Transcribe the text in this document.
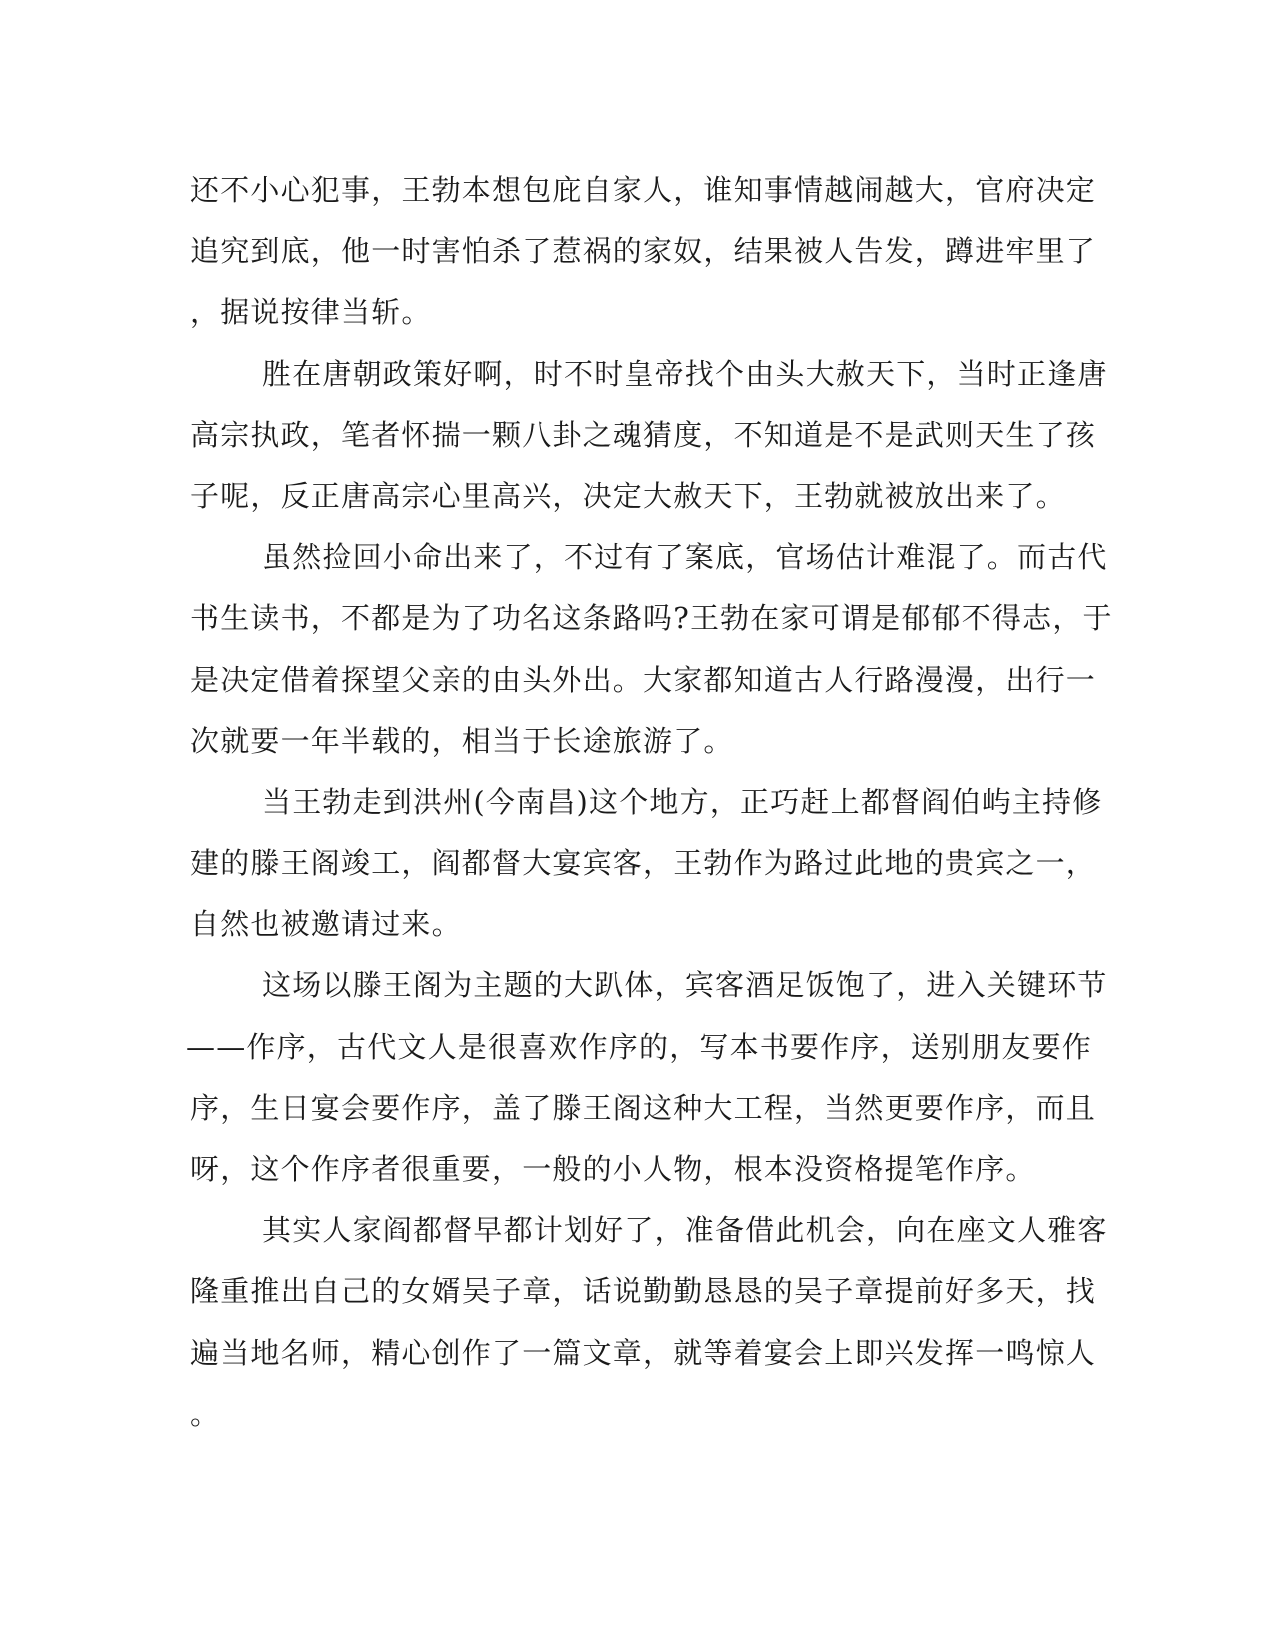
还不小心犯事，王勃本想包庇自家人，谁知事情越闹越大，官府决定
追究到底，他一时害怕杀了惹祸的家奴，结果被人告发，蹲进牢里了
，据说按律当斩。
胜在唐朝政策好啊，时不时皇帝找个由头大赦天下，当时正逢唐
高宗执政，笔者怀揣一颗八卦之魂猜度，不知道是不是武则天生了孩
子呢，反正唐高宗心里高兴，决定大赦天下，王勃就被放出来了。
虽然捡回小命出来了，不过有了案底，官场估计难混了。而古代
书生读书，不都是为了功名这条路吗?王勃在家可谓是郁郁不得志，于
是决定借着探望父亲的由头外出。大家都知道古人行路漫漫，出行一
次就要一年半载的，相当于长途旅游了。
当王勃走到洪州(今南昌)这个地方，正巧赶上都督阎伯屿主持修
建的滕王阁竣工，阎都督大宴宾客，王勃作为路过此地的贵宾之一，
自然也被邀请过来。
这场以滕王阁为主题的大趴体，宾客酒足饭饱了，进入关键环节
——作序，古代文人是很喜欢作序的，写本书要作序，送别朋友要作
序，生日宴会要作序，盖了滕王阁这种大工程，当然更要作序，而且
呀，这个作序者很重要，一般的小人物，根本没资格提笔作序。
其实人家阎都督早都计划好了，准备借此机会，向在座文人雅客
隆重推出自己的女婿吴子章，话说勤勤恳恳的吴子章提前好多天，找
遍当地名师，精心创作了一篇文章，就等着宴会上即兴发挥一鸣惊人
。
